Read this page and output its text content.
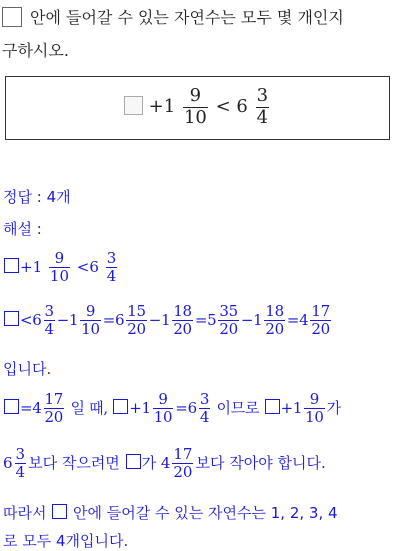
안에 들어갈 수 있는 자연수는 모두 몇 개인지
구하시오.
$+1 \frac{9}{10} < 6 \frac{3}{4}$
정답 : 4개
해설 :
$+1 \frac{9}{10} <6 \frac{3}{4}$
$<6 \frac{3}{4} -1 \frac{9}{10} =6 \frac{15}{20} -1 \frac{18}{20} =5 \frac{35}{20} -1 \frac{18}{20} =4 \frac{17}{20}$
입니다.
$=4 \frac{17}{20}$ 일 때, $+1 \frac{9}{10} =6 \frac{3}{4}$ 이므로 $+1 \frac{9}{10}$ 가
$6 \frac{3}{4}$ 보다 작으려면 가 $4 \frac{17}{20}$ 보다 작아야 합니다.
따라서  안에 들어갈 수 있는 자연수는 1, 2, 3, 4
로 모두 4개입니다.
